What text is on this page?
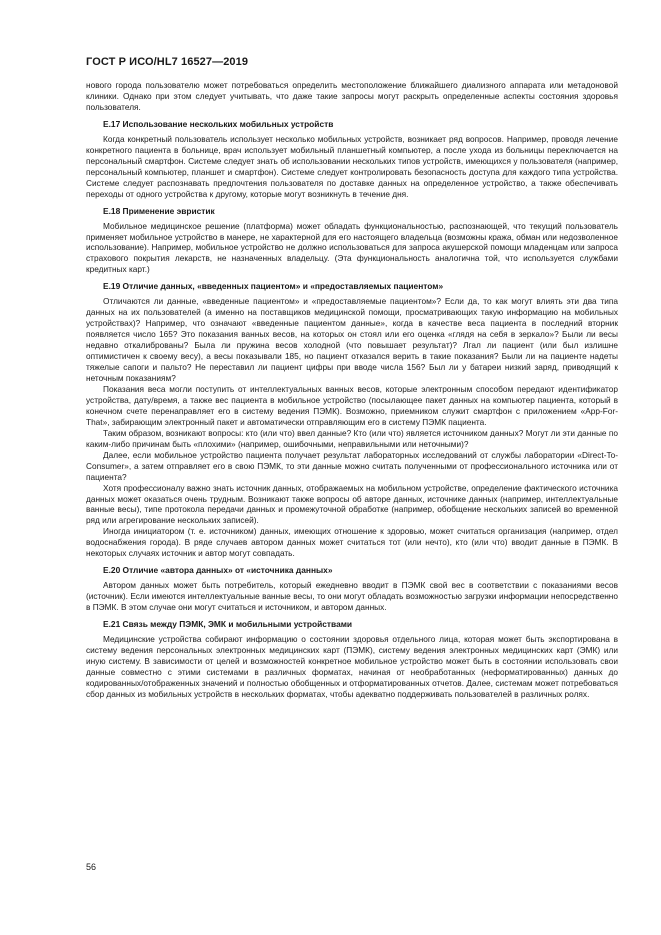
ГОСТ Р ИСО/HL7 16527—2019

нового города пользователю может потребоваться определить местоположение ближайшего диализного аппарата или метадоновой клиники. Однако при этом следует учитывать, что даже такие запросы могут раскрыть определенные аспекты состояния здоровья пользователя.

E.17 Использование нескольких мобильных устройств

Когда конкретный пользователь использует несколько мобильных устройств, возникает ряд вопросов. Например, проводя лечение конкретного пациента в больнице, врач использует мобильный планшетный компьютер, а после ухода из больницы переключается на персональный смартфон. Системе следует знать об использовании нескольких типов устройств, имеющихся у пользователя (например, персональный компьютер, планшет и смартфон). Системе следует контролировать безопасность доступа для каждого типа устройства. Системе следует распознавать предпочтения пользователя по доставке данных на определенное устройство, а также обеспечивать переходы от одного устройства к другому, которые могут возникнуть в течение дня.

E.18 Применение эвристик

Мобильное медицинское решение (платформа) может обладать функциональностью, распознающей, что текущий пользователь применяет мобильное устройство в манере, не характерной для его настоящего владельца (возможны кража, обман или недозволенное использование). Например, мобильное устройство не должно использоваться для запроса акушерской помощи младенцам или запроса страхового покрытия лекарств, не назначенных владельцу. (Эта функциональность аналогична той, что используется службами кредитных карт.)

E.19 Отличие данных, «введенных пациентом» и «предоставляемых пациентом»

Отличаются ли данные, «введенные пациентом» и «предоставляемые пациентом»? Если да, то как могут влиять эти два типа данных на их пользователей (а именно на поставщиков медицинской помощи, просматривающих такую информацию на мобильных устройствах)? Например, что означают «введенные пациентом данные», когда в качестве веса пациента в последний вторник появляется число 165? Это показания ванных весов, на которых он стоял или его оценка «глядя на себя в зеркало»? Были ли весы недавно откалиброваны? Была ли пружина весов холодной (что повышает результат)? Лгал ли пациент (или был излишне оптимистичен к своему весу), а весы показывали 185, но пациент отказался верить в такие показания? Были ли на пациенте надеты тяжелые сапоги и пальто? Не переставил ли пациент цифры при вводе числа 156? Был ли у батареи низкий заряд, приводящий к неточным показаниям?

Показания веса могли поступить от интеллектуальных ванных весов, которые электронным способом передают идентификатор устройства, дату/время, а также вес пациента в мобильное устройство (посылающее пакет данных на компьютер пациента, который в конечном счете перенаправляет его в систему ведения ПЭМК). Возможно, приемником служит смартфон с приложением «App-For-That», забирающим электронный пакет и автоматически отправляющим его в систему ПЭМК пациента.

Таким образом, возникают вопросы: кто (или что) ввел данные? Кто (или что) является источником данных? Могут ли эти данные по каким-либо причинам быть «плохими» (например, ошибочными, неправильными или неточными)?

Далее, если мобильное устройство пациента получает результат лабораторных исследований от службы лаборатории «Direct-To-Consumer», а затем отправляет его в свою ПЭМК, то эти данные можно считать полученными от профессионального источника или от пациента?

Хотя профессионалу важно знать источник данных, отображаемых на мобильном устройстве, определение фактического источника данных может оказаться очень трудным. Возникают также вопросы об авторе данных, источнике данных (например, интеллектуальные ванные весы), типе протокола передачи данных и промежуточной обработке (например, обобщение нескольких записей во временной ряд или агрегирование нескольких записей).

Иногда инициатором (т. е. источником) данных, имеющих отношение к здоровью, может считаться организация (например, отдел водоснабжения города). В ряде случаев автором данных может считаться тот (или нечто), кто (или что) вводит данные в ПЭМК. В некоторых случаях источник и автор могут совпадать.

E.20 Отличие «автора данных» от «источника данных»

Автором данных может быть потребитель, который ежедневно вводит в ПЭМК свой вес в соответствии с показаниями весов (источник). Если имеются интеллектуальные ванные весы, то они могут обладать возможностью загрузки информации непосредственно в ПЭМК. В этом случае они могут считаться и источником, и автором данных.

E.21 Связь между ПЭМК, ЭМК и мобильными устройствами

Медицинские устройства собирают информацию о состоянии здоровья отдельного лица, которая может быть экспортирована в систему ведения персональных электронных медицинских карт (ПЭМК), систему ведения электронных медицинских карт (ЭМК) или иную систему. В зависимости от целей и возможностей конкретное мобильное устройство может быть в состоянии использовать свои данные совместно с этими системами в различных форматах, начиная от необработанных (неформатированных) данных до кодированных/отображенных значений и полностью обобщенных и отформатированных отчетов. Далее, системам может потребоваться сбор данных из мобильных устройств в нескольких форматах, чтобы адекватно поддерживать пользователей в различных ролях.

56
